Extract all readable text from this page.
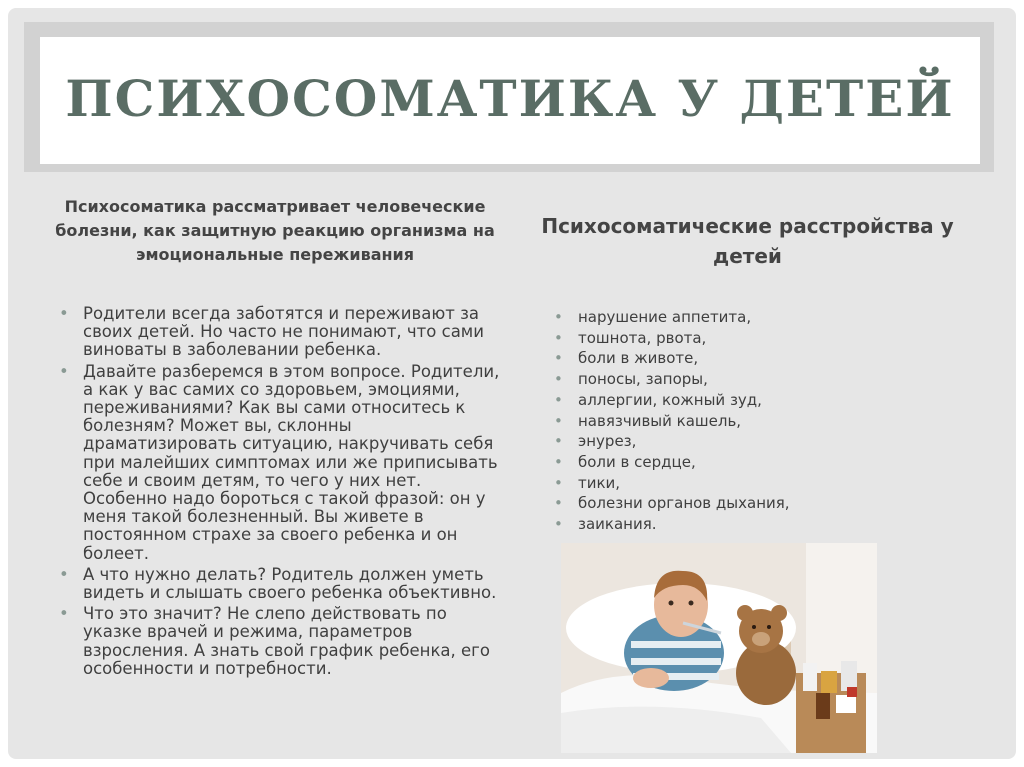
ПСИХОСОМАТИКА У ДЕТЕЙ
Психосоматика рассматривает человеческие болезни, как защитную реакцию организма на эмоциональные переживания
• Родители всегда заботятся и переживают за своих детей. Но часто не понимают, что сами виноваты в заболевании ребенка.
• Давайте разберемся в этом вопросе. Родители, а как у вас самих со здоровьем, эмоциями, переживаниями? Как вы сами относитесь к болезням? Может вы, склонны драматизировать ситуацию, накручивать себя при малейших симптомах или же приписывать себе и своим детям, то чего у них нет. Особенно надо бороться с такой фразой: он у меня такой болезненный. Вы живете в постоянном страхе за своего ребенка и он болеет.
• А что нужно делать? Родитель должен уметь видеть и слышать своего ребенка объективно.
• Что это значит? Не слепо действовать по указке врачей и режима, параметров взросления. А знать свой график ребенка, его особенности и потребности.
Психосоматические расстройства у детей
• нарушение аппетита,
• тошнота, рвота,
• боли в животе,
• поносы, запоры,
• аллергии, кожный зуд,
• навязчивый кашель,
• энурез,
• боли в сердце,
• тики,
• болезни органов дыхания,
• заикания.
